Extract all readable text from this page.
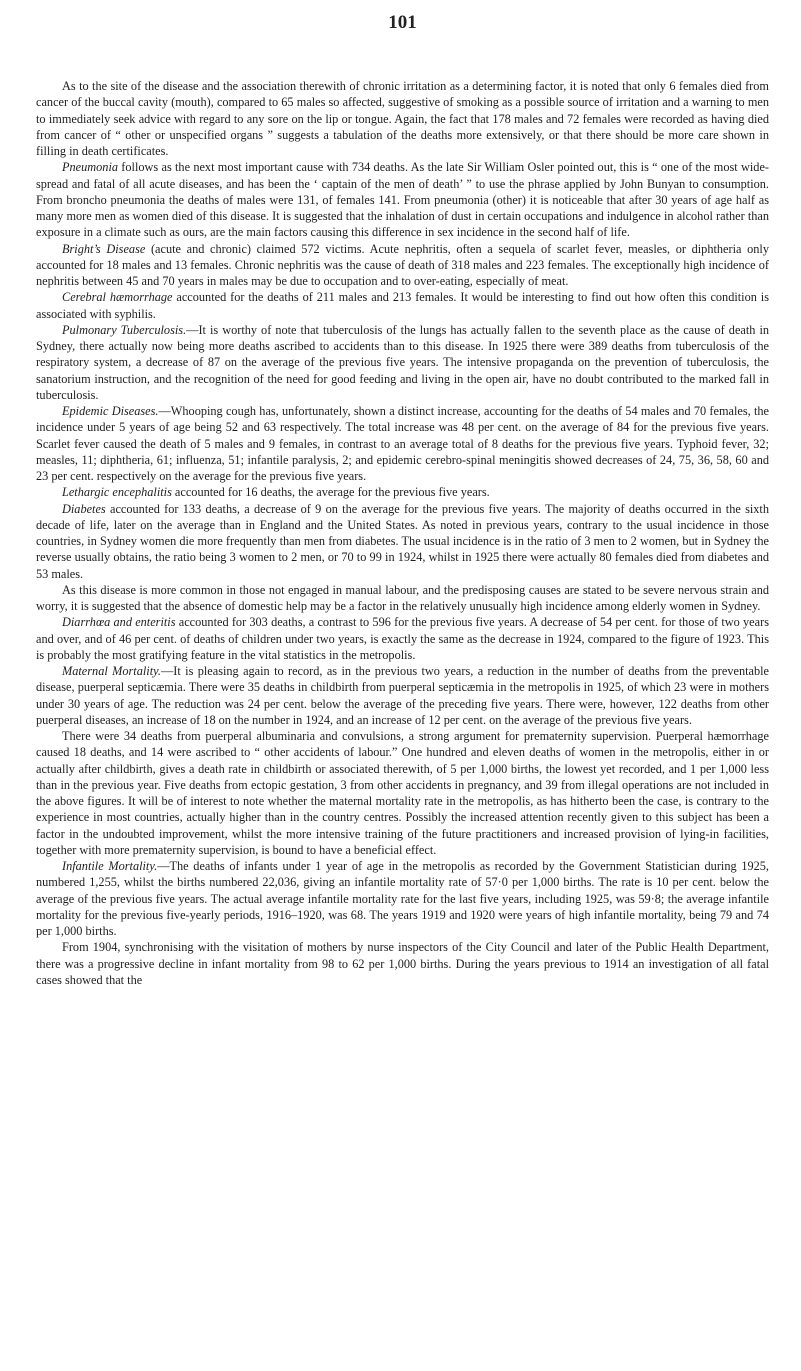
101

As to the site of the disease and the association therewith of chronic irritation as a determining factor, it is noted that only 6 females died from cancer of the buccal cavity (mouth), compared to 65 males so affected, suggestive of smoking as a possible source of irritation and a warning to men to immediately seek advice with regard to any sore on the lip or tongue. Again, the fact that 178 males and 72 females were recorded as having died from cancer of “ other or unspecified organs ” suggests a tabulation of the deaths more extensively, or that there should be more care shown in filling in death certificates.

Pneumonia follows as the next most important cause with 734 deaths. As the late Sir William Osler pointed out, this is “ one of the most wide-spread and fatal of all acute diseases, and has been the ‘ captain of the men of death’ ” to use the phrase applied by John Bunyan to consumption. From broncho pneumonia the deaths of males were 131, of females 141. From pneumonia (other) it is noticeable that after 30 years of age half as many more men as women died of this disease. It is suggested that the inhalation of dust in certain occupations and indulgence in alcohol rather than exposure in a climate such as ours, are the main factors causing this difference in sex incidence in the second half of life.

Bright’s Disease (acute and chronic) claimed 572 victims. Acute nephritis, often a sequela of scarlet fever, measles, or diphtheria only accounted for 18 males and 13 females. Chronic nephritis was the cause of death of 318 males and 223 females. The exceptionally high incidence of nephritis between 45 and 70 years in males may be due to occupation and to over-eating, especially of meat.

Cerebral hæmorrhage accounted for the deaths of 211 males and 213 females. It would be interesting to find out how often this condition is associated with syphilis.

Pulmonary Tuberculosis.—It is worthy of note that tuberculosis of the lungs has actually fallen to the seventh place as the cause of death in Sydney, there actually now being more deaths ascribed to accidents than to this disease. In 1925 there were 389 deaths from tuberculosis of the respiratory system, a decrease of 87 on the average of the previous five years. The intensive propaganda on the prevention of tuberculosis, the sanatorium instruction, and the recognition of the need for good feeding and living in the open air, have no doubt contributed to the marked fall in tuberculosis.

Epidemic Diseases.—Whooping cough has, unfortunately, shown a distinct increase, accounting for the deaths of 54 males and 70 females, the incidence under 5 years of age being 52 and 63 respectively. The total increase was 48 per cent. on the average of 84 for the previous five years. Scarlet fever caused the death of 5 males and 9 females, in contrast to an average total of 8 deaths for the previous five years. Typhoid fever, 32; measles, 11; diphtheria, 61; influenza, 51; infantile paralysis, 2; and epidemic cerebro-spinal meningitis showed decreases of 24, 75, 36, 58, 60 and 23 per cent. respectively on the average for the previous five years.

Lethargic encephalitis accounted for 16 deaths, the average for the previous five years.

Diabetes accounted for 133 deaths, a decrease of 9 on the average for the previous five years. The majority of deaths occurred in the sixth decade of life, later on the average than in England and the United States. As noted in previous years, contrary to the usual incidence in those countries, in Sydney women die more frequently than men from diabetes. The usual incidence is in the ratio of 3 men to 2 women, but in Sydney the reverse usually obtains, the ratio being 3 women to 2 men, or 70 to 99 in 1924, whilst in 1925 there were actually 80 females died from diabetes and 53 males.

As this disease is more common in those not engaged in manual labour, and the predisposing causes are stated to be severe nervous strain and worry, it is suggested that the absence of domestic help may be a factor in the relatively unusually high incidence among elderly women in Sydney.

Diarrhœa and enteritis accounted for 303 deaths, a contrast to 596 for the previous five years. A decrease of 54 per cent. for those of two years and over, and of 46 per cent. of deaths of children under two years, is exactly the same as the decrease in 1924, compared to the figure of 1923. This is probably the most gratifying feature in the vital statistics in the metropolis.

Maternal Mortality.—It is pleasing again to record, as in the previous two years, a reduction in the number of deaths from the preventable disease, puerperal septicæmia. There were 35 deaths in childbirth from puerperal septicæmia in the metropolis in 1925, of which 23 were in mothers under 30 years of age. The reduction was 24 per cent. below the average of the preceding five years. There were, however, 122 deaths from other puerperal diseases, an increase of 18 on the number in 1924, and an increase of 12 per cent. on the average of the previous five years.

There were 34 deaths from puerperal albuminaria and convulsions, a strong argument for prematernity supervision. Puerperal hæmorrhage caused 18 deaths, and 14 were ascribed to “ other accidents of labour.” One hundred and eleven deaths of women in the metropolis, either in or actually after childbirth, gives a death rate in childbirth or associated therewith, of 5 per 1,000 births, the lowest yet recorded, and 1 per 1,000 less than in the previous year. Five deaths from ectopic gestation, 3 from other accidents in pregnancy, and 39 from illegal operations are not included in the above figures. It will be of interest to note whether the maternal mortality rate in the metropolis, as has hitherto been the case, is contrary to the experience in most countries, actually higher than in the country centres. Possibly the increased attention recently given to this subject has been a factor in the undoubted improvement, whilst the more intensive training of the future practitioners and increased provision of lying-in facilities, together with more prematernity supervision, is bound to have a beneficial effect.

Infantile Mortality.—The deaths of infants under 1 year of age in the metropolis as recorded by the Government Statistician during 1925, numbered 1,255, whilst the births numbered 22,036, giving an infantile mortality rate of 57·0 per 1,000 births. The rate is 10 per cent. below the average of the previous five years. The actual average infantile mortality rate for the last five years, including 1925, was 59·8; the average infantile mortality for the previous five-yearly periods, 1916–1920, was 68. The years 1919 and 1920 were years of high infantile mortality, being 79 and 74 per 1,000 births.

From 1904, synchronising with the visitation of mothers by nurse inspectors of the City Council and later of the Public Health Department, there was a progressive decline in infant mortality from 98 to 62 per 1,000 births. During the years previous to 1914 an investigation of all fatal cases showed that the
